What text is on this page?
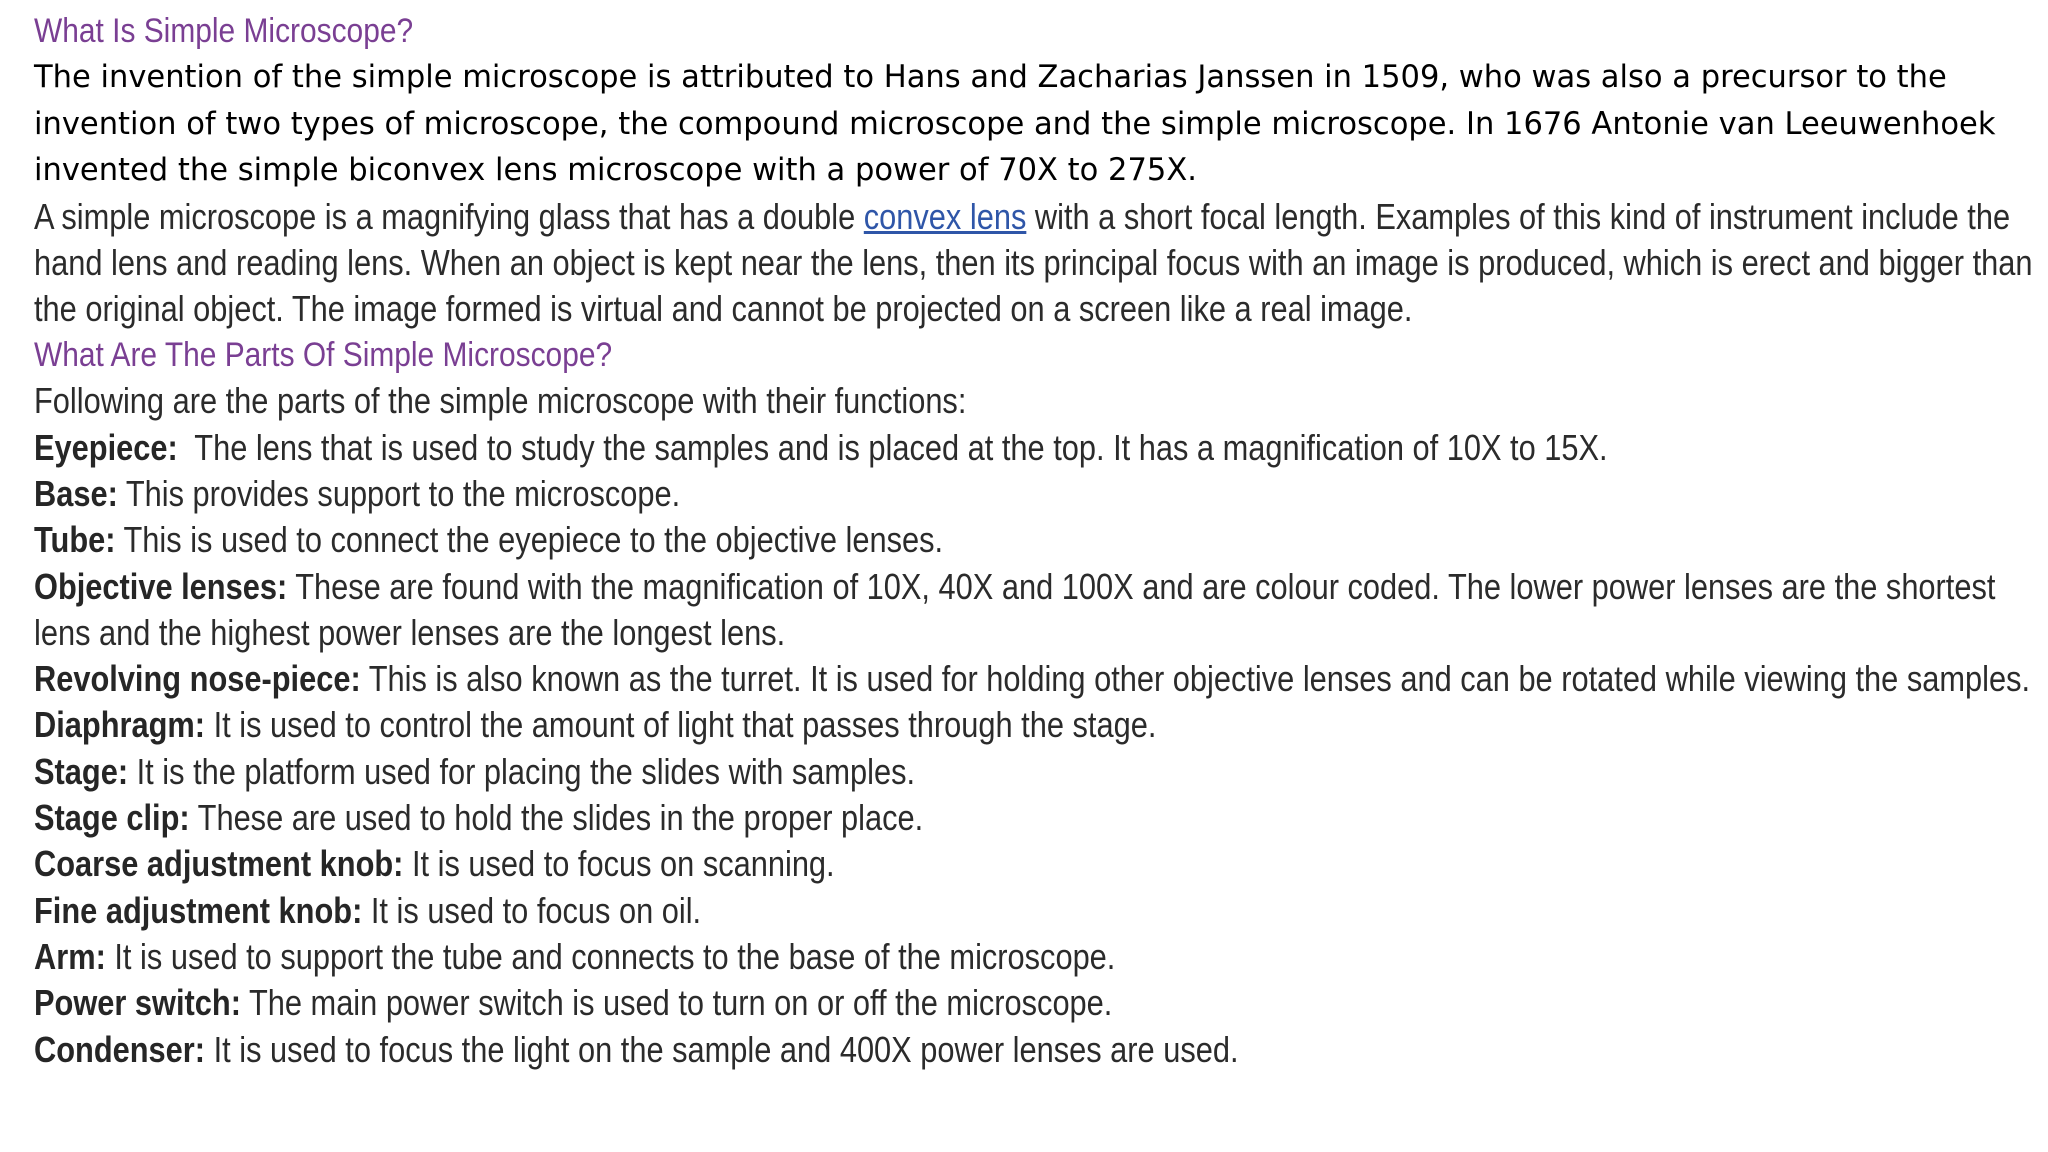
What Is Simple Microscope?

The invention of the simple microscope is attributed to Hans and Zacharias Janssen in 1509, who was also a precursor to the invention of two types of microscope, the compound microscope and the simple microscope. In 1676 Antonie van Leeuwenhoek invented the simple biconvex lens microscope with a power of 70X to 275X.

A simple microscope is a magnifying glass that has a double convex lens with a short focal length. Examples of this kind of instrument include the hand lens and reading lens. When an object is kept near the lens, then its principal focus with an image is produced, which is erect and bigger than the original object. The image formed is virtual and cannot be projected on a screen like a real image.

What Are The Parts Of Simple Microscope?

Following are the parts of the simple microscope with their functions:

Eyepiece:  The lens that is used to study the samples and is placed at the top. It has a magnification of 10X to 15X.

Base: This provides support to the microscope.

Tube: This is used to connect the eyepiece to the objective lenses.

Objective lenses: These are found with the magnification of 10X, 40X and 100X and are colour coded. The lower power lenses are the shortest lens and the highest power lenses are the longest lens.

Revolving nose-piece: This is also known as the turret. It is used for holding other objective lenses and can be rotated while viewing the samples.

Diaphragm: It is used to control the amount of light that passes through the stage.

Stage: It is the platform used for placing the slides with samples.

Stage clip: These are used to hold the slides in the proper place.

Coarse adjustment knob: It is used to focus on scanning.

Fine adjustment knob: It is used to focus on oil.

Arm: It is used to support the tube and connects to the base of the microscope.

Power switch: The main power switch is used to turn on or off the microscope.

Condenser: It is used to focus the light on the sample and 400X power lenses are used.
